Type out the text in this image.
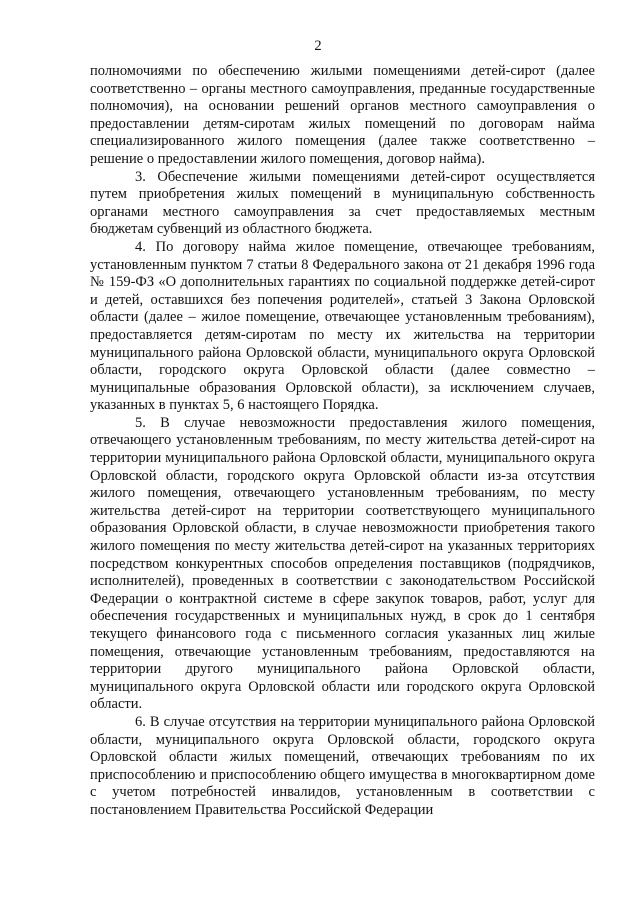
2

полномочиями по обеспечению жилыми помещениями детей-сирот (далее соответственно – органы местного самоуправления, преданные государственные полномочия), на основании решений органов местного самоуправления о предоставлении детям-сиротам жилых помещений по договорам найма специализированного жилого помещения (далее также соответственно – решение о предоставлении жилого помещения, договор найма).

3. Обеспечение жилыми помещениями детей-сирот осуществляется путем приобретения жилых помещений в муниципальную собственность органами местного самоуправления за счет предоставляемых местным бюджетам субвенций из областного бюджета.

4. По договору найма жилое помещение, отвечающее требованиям, установленным пунктом 7 статьи 8 Федерального закона от 21 декабря 1996 года № 159-ФЗ «О дополнительных гарантиях по социальной поддержке детей-сирот и детей, оставшихся без попечения родителей», статьей 3 Закона Орловской области (далее – жилое помещение, отвечающее установленным требованиям), предоставляется детям-сиротам по месту их жительства на территории муниципального района Орловской области, муниципального округа Орловской области, городского округа Орловской области (далее совместно – муниципальные образования Орловской области), за исключением случаев, указанных в пунктах 5, 6 настоящего Порядка.

5. В случае невозможности предоставления жилого помещения, отвечающего установленным требованиям, по месту жительства детей-сирот на территории муниципального района Орловской области, муниципального округа Орловской области, городского округа Орловской области из-за отсутствия жилого помещения, отвечающего установленным требованиям, по месту жительства детей-сирот на территории соответствующего муниципального образования Орловской области, в случае невозможности приобретения такого жилого помещения по месту жительства детей-сирот на указанных территориях посредством конкурентных способов определения поставщиков (подрядчиков, исполнителей), проведенных в соответствии с законодательством Российской Федерации о контрактной системе в сфере закупок товаров, работ, услуг для обеспечения государственных и муниципальных нужд, в срок до 1 сентября текущего финансового года с письменного согласия указанных лиц жилые помещения, отвечающие установленным требованиям, предоставляются на территории другого муниципального района Орловской области, муниципального округа Орловской области или городского округа Орловской области.

6. В случае отсутствия на территории муниципального района Орловской области, муниципального округа Орловской области, городского округа Орловской области жилых помещений, отвечающих требованиям по их приспособлению и приспособлению общего имущества в многоквартирном доме с учетом потребностей инвалидов, установленным в соответствии с постановлением Правительства Российской Федерации
